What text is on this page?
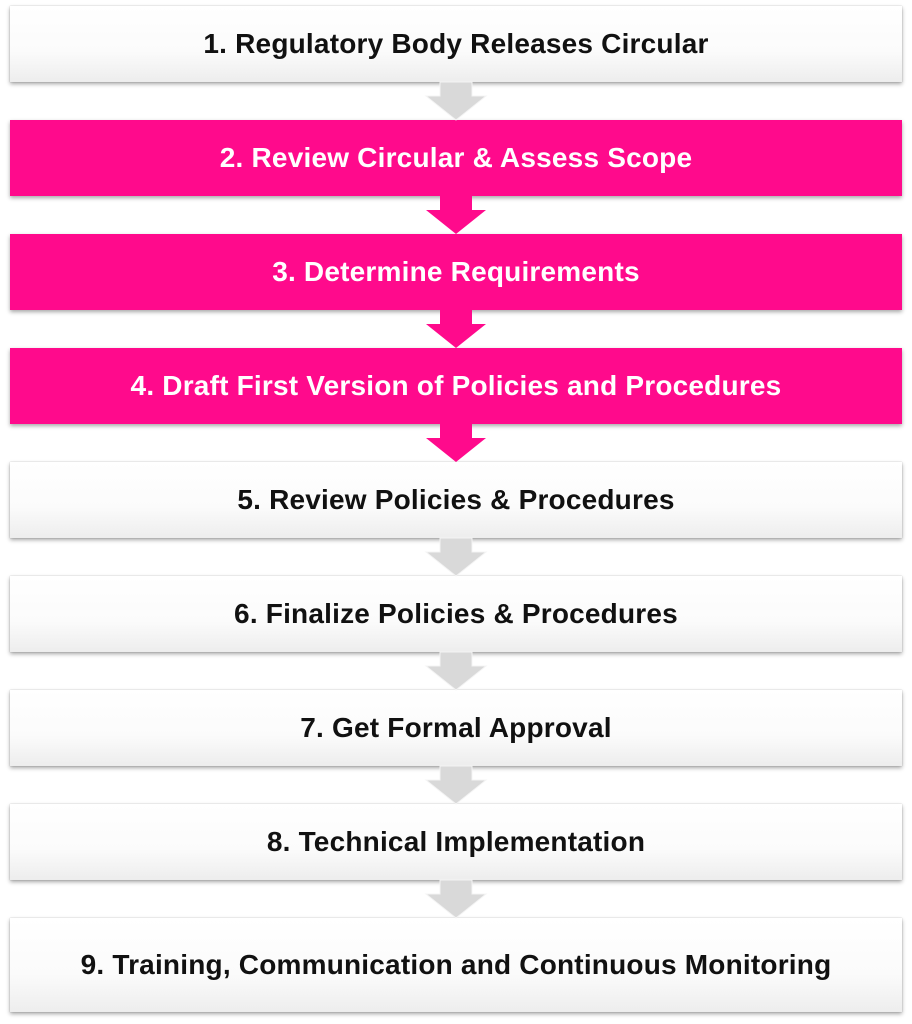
1. Regulatory Body Releases Circular
2. Review Circular & Assess Scope
3. Determine Requirements
4. Draft First Version of Policies and Procedures
5. Review Policies & Procedures
6. Finalize Policies & Procedures
7. Get Formal Approval
8. Technical Implementation
9. Training, Communication and Continuous Monitoring
